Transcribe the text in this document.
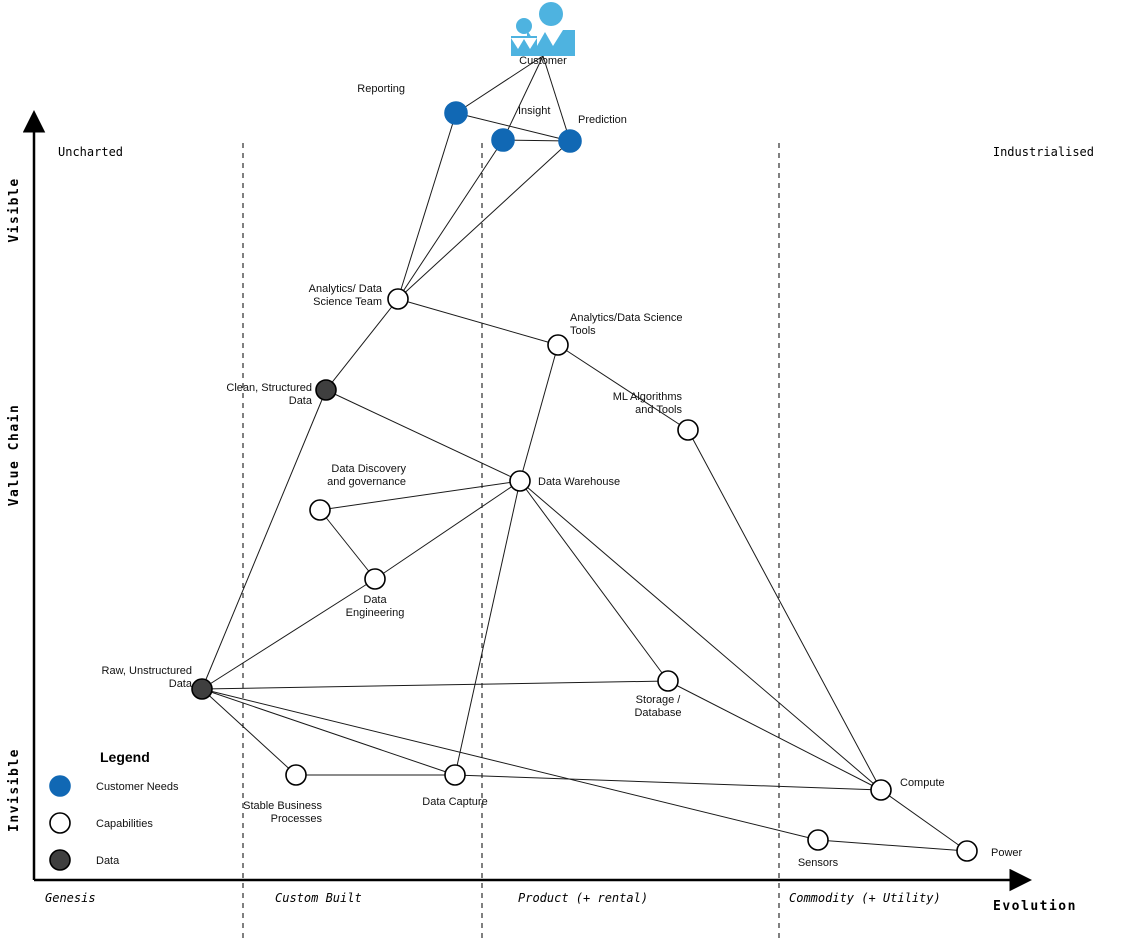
Reporting
Insight
Prediction
Analytics/ Data Science Team
Analytics/Data Science Tools
ML Algorithms and Tools
Clean, Structured Data
Data Warehouse
Data Discovery and governance
Data Engineering
Raw, Unstructured Data
Storage / Database
Stable Business Processes
Data Capture
Compute
Sensors
Power
Genesis	Custom Built	Product (+ rental)	Commodity (+ Utility)
Value Chain
Visible
Invisible
Evolution
Uncharted	Industrialised
Customer
Legend
Customer Needs
Capabilities
Data
